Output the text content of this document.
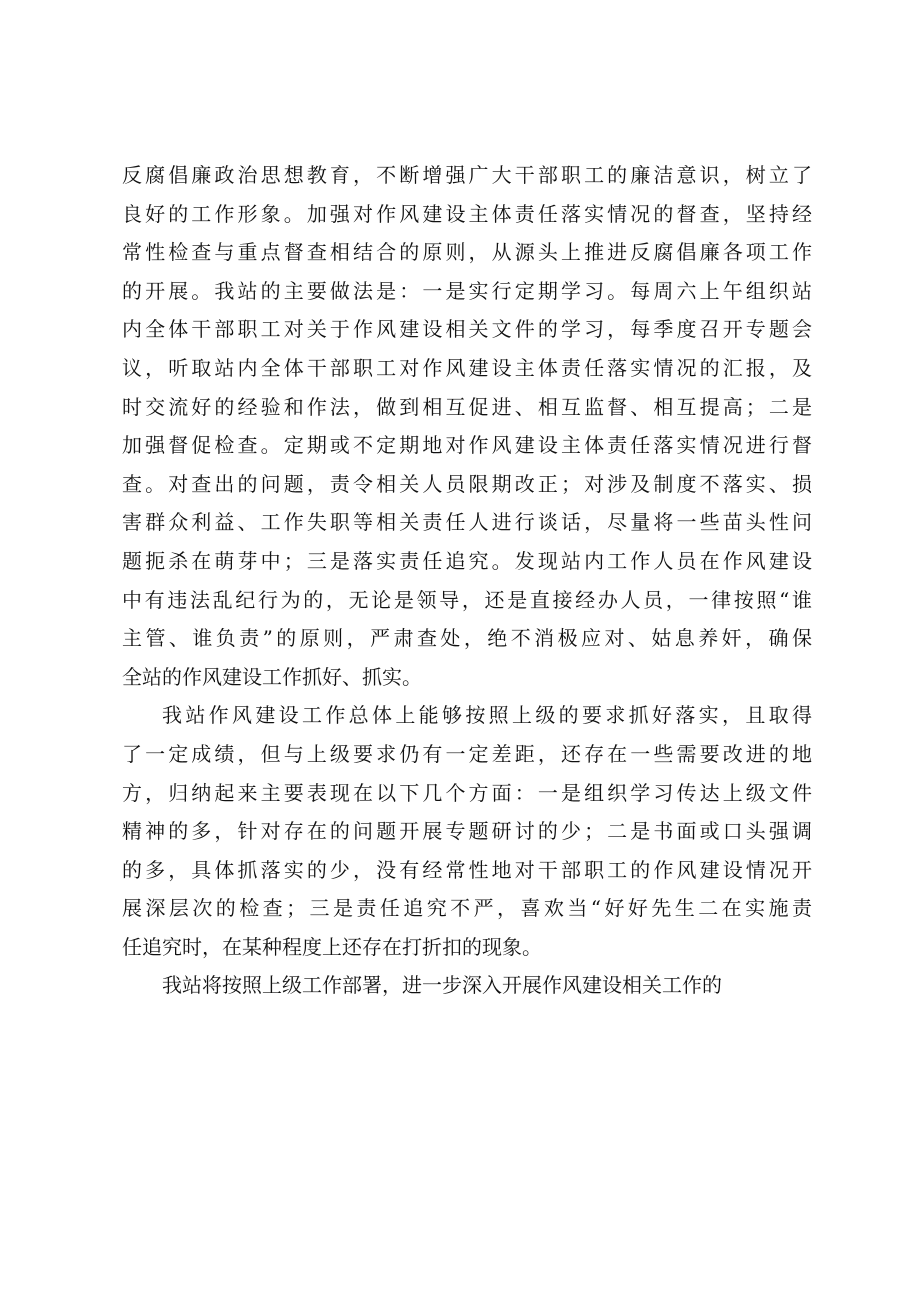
反腐倡廉政治思想教育，不断增强广大干部职工的廉洁意识，树立了
良好的工作形象。加强对作风建设主体责任落实情况的督查，坚持经
常性检查与重点督查相结合的原则，从源头上推进反腐倡廉各项工作
的开展。我站的主要做法是：一是实行定期学习。每周六上午组织站
内全体干部职工对关于作风建设相关文件的学习，每季度召开专题会
议，听取站内全体干部职工对作风建设主体责任落实情况的汇报，及
时交流好的经验和作法，做到相互促进、相互监督、相互提高；二是
加强督促检查。定期或不定期地对作风建设主体责任落实情况进行督
查。对查出的问题，责令相关人员限期改正；对涉及制度不落实、损
害群众利益、工作失职等相关责任人进行谈话，尽量将一些苗头性问
题扼杀在萌芽中；三是落实责任追究。发现站内工作人员在作风建设
中有违法乱纪行为的，无论是领导，还是直接经办人员，一律按照“谁
主管、谁负责”的原则，严肃查处，绝不消极应对、姑息养奸，确保
全站的作风建设工作抓好、抓实。
我站作风建设工作总体上能够按照上级的要求抓好落实，且取得
了一定成绩，但与上级要求仍有一定差距，还存在一些需要改进的地
方，归纳起来主要表现在以下几个方面：一是组织学习传达上级文件
精神的多，针对存在的问题开展专题研讨的少；二是书面或口头强调
的多，具体抓落实的少，没有经常性地对干部职工的作风建设情况开
展深层次的检查；三是责任追究不严，喜欢当“好好先生二在实施责
任追究时，在某种程度上还存在打折扣的现象。
我站将按照上级工作部署，进一步深入开展作风建设相关工作的
